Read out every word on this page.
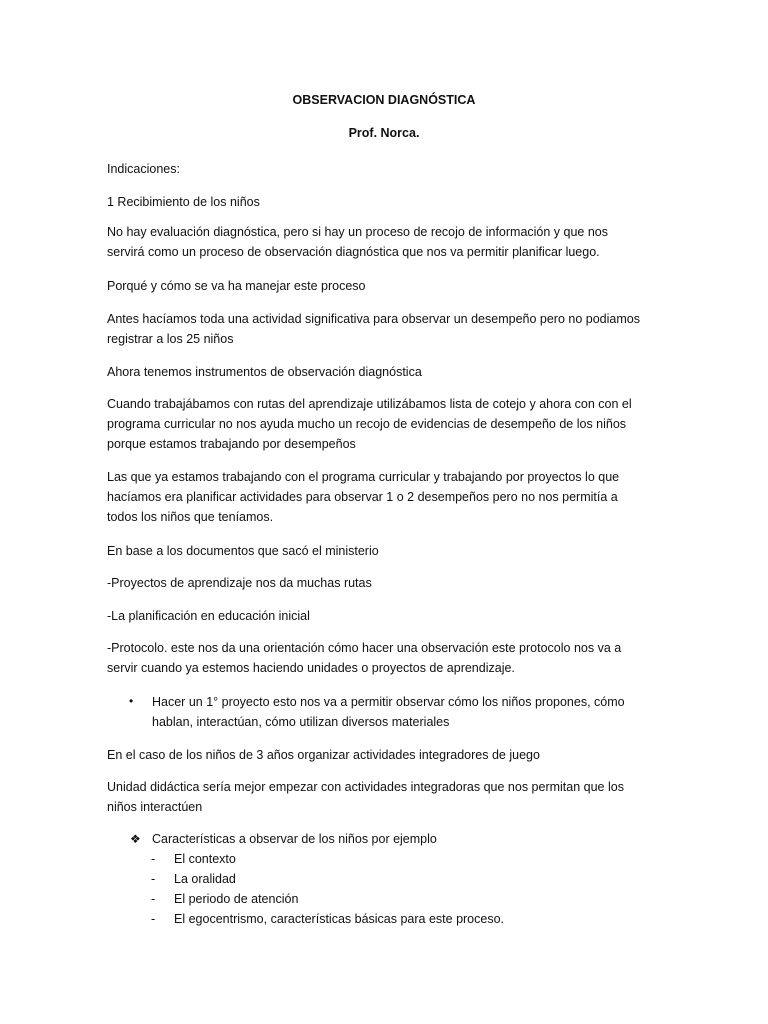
OBSERVACION DIAGNÓSTICA
Prof. Norca.
Indicaciones:
1 Recibimiento de los niños
No hay evaluación diagnóstica, pero si hay un proceso de recojo de información y que nos servirá como un proceso de observación diagnóstica que nos va permitir planificar luego.
Porqué y cómo se va ha manejar este proceso
Antes hacíamos toda una actividad significativa para observar un desempeño pero no podiamos registrar a los 25 niños
Ahora tenemos instrumentos de observación diagnóstica
Cuando trabajábamos con rutas del aprendizaje utilizábamos lista de cotejo y ahora con con el programa curricular no nos ayuda mucho un recojo de evidencias de desempeño de los niños porque estamos trabajando por desempeños
Las que ya estamos trabajando con el programa curricular y trabajando por proyectos lo que hacíamos era planificar actividades para observar 1 o 2 desempeños pero no nos permitía a todos los niños que teníamos.
En base a los documentos que sacó el ministerio
-Proyectos de aprendizaje nos da muchas rutas
-La planificación en educación inicial
-Protocolo. este nos da una orientación cómo hacer una observación este protocolo nos va a servir cuando ya estemos haciendo unidades o proyectos de aprendizaje.
• Hacer un 1° proyecto esto nos va a permitir observar cómo los niños propones, cómo hablan, interactúan, cómo utilizan diversos materiales
En el caso de los niños de 3 años organizar actividades integradores de juego
Unidad didáctica sería mejor empezar con actividades integradoras que nos permitan que los niños interactúen
❖ Características a observar de los niños por ejemplo
- El contexto
- La oralidad
- El periodo de atención
- El egocentrismo, características básicas para este proceso.
